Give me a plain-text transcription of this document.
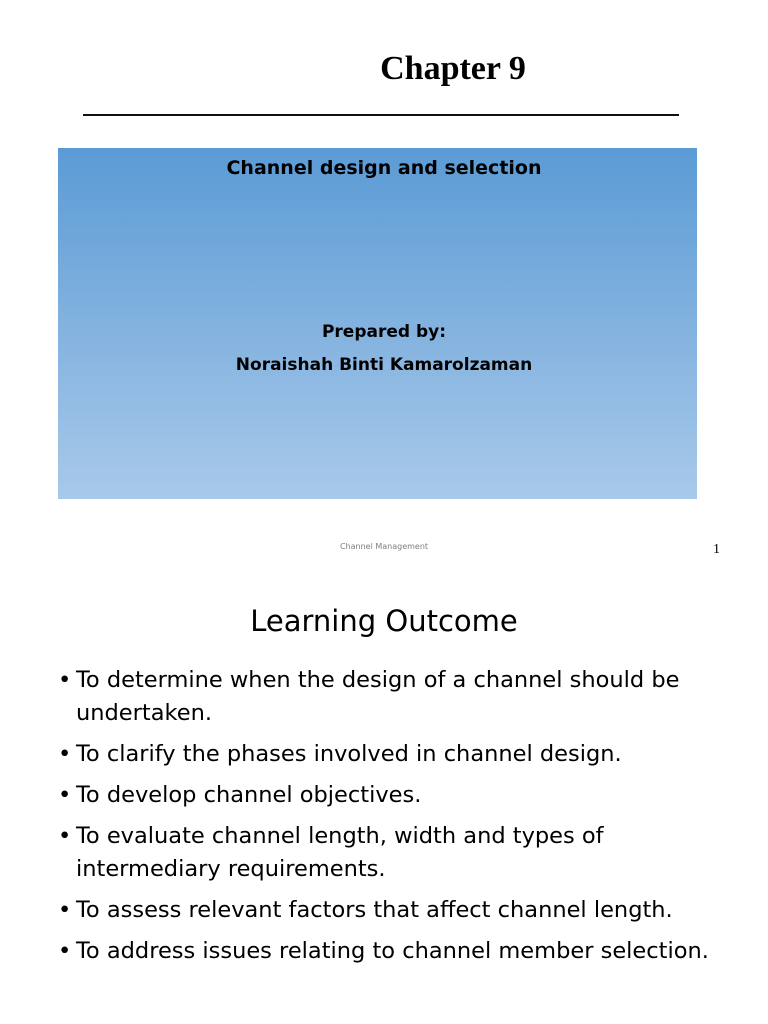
Chapter 9
Channel design and selection
Prepared by:
Noraishah Binti Kamarolzaman
Channel Management	1
Learning Outcome
• To determine when the design of a channel should be undertaken.
• To clarify the phases involved in channel design.
• To develop channel objectives.
• To evaluate channel length, width and types of intermediary requirements.
• To assess relevant factors that affect channel length.
• To address issues relating to channel member selection.
